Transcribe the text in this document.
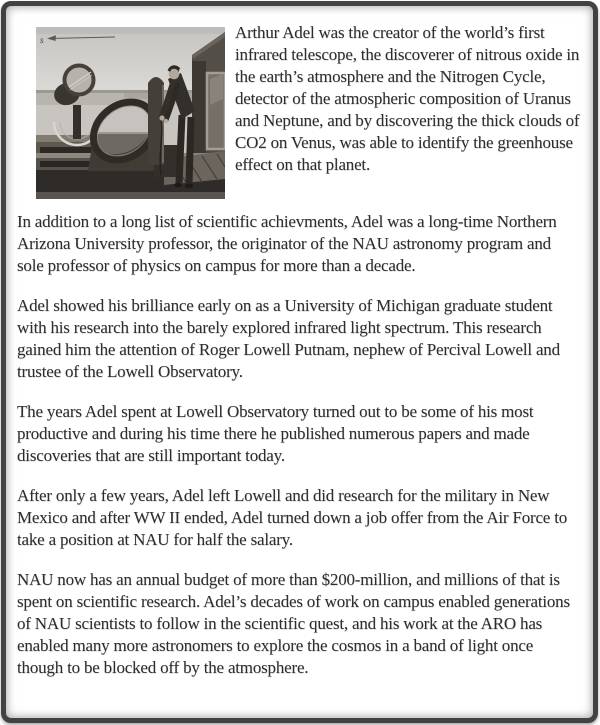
s	Arthur Adel was the creator of the world’s first infrared telescope, the discoverer of nitrous oxide in the earth’s atmosphere and the Nitrogen Cycle, detector of the atmospheric composition of Uranus and Neptune, and by discovering the thick clouds of CO2 on Venus, was able to identify the greenhouse effect on that planet.

In addition to a long list of scientific achievments, Adel was a long-time Northern Arizona University professor, the originator of the NAU astronomy program and sole professor of physics on campus for more than a decade.

Adel showed his brilliance early on as a University of Michigan graduate student with his research into the barely explored infrared light spectrum. This research gained him the attention of Roger Lowell Putnam, nephew of Percival Lowell and trustee of the Lowell Observatory.

The years Adel spent at Lowell Observatory turned out to be some of his most productive and during his time there he published numerous papers and made discoveries that are still important today.

After only a few years, Adel left Lowell and did research for the military in New Mexico and after WW II ended, Adel turned down a job offer from the Air Force to take a position at NAU for half the salary.

NAU now has an annual budget of more than $200-million, and millions of that is spent on scientific research. Adel’s decades of work on campus enabled generations of NAU scientists to follow in the scientific quest, and his work at the ARO has enabled many more astronomers to explore the cosmos in a band of light once though to be blocked off by the atmosphere.
